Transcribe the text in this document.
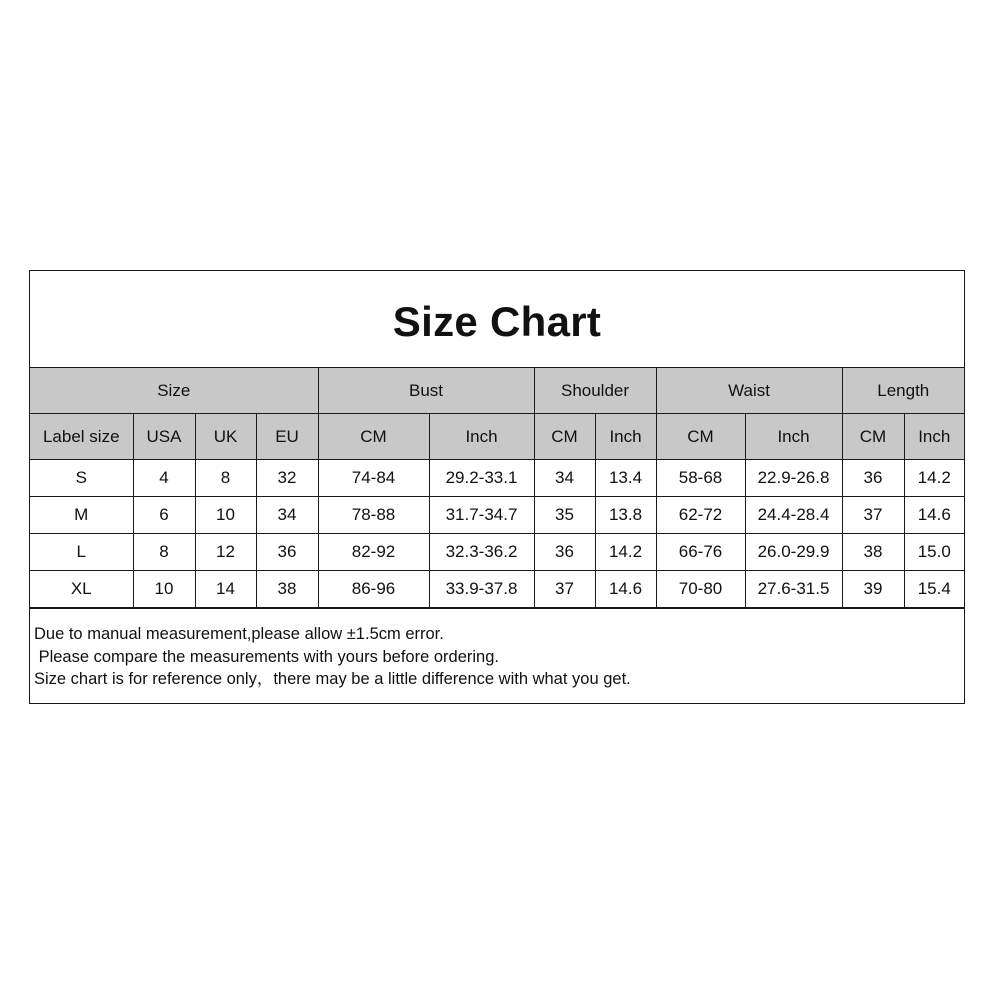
Size Chart
Size				Bust		Shoulder		Waist		Length	
Label size	USA	UK	EU	CM	Inch	CM	Inch	CM	Inch	CM	Inch
S	4	8	32	74-84	29.2-33.1	34	13.4	58-68	22.9-26.8	36	14.2
M	6	10	34	78-88	31.7-34.7	35	13.8	62-72	24.4-28.4	37	14.6
L	8	12	36	82-92	32.3-36.2	36	14.2	66-76	26.0-29.9	38	15.0
XL	10	14	38	86-96	33.9-37.8	37	14.6	70-80	27.6-31.5	39	15.4
Due to manual measurement,please allow ±1.5cm error.
Please compare the measurements with yours before ordering.
Size chart is for reference only，there may be a little difference with what you get.
